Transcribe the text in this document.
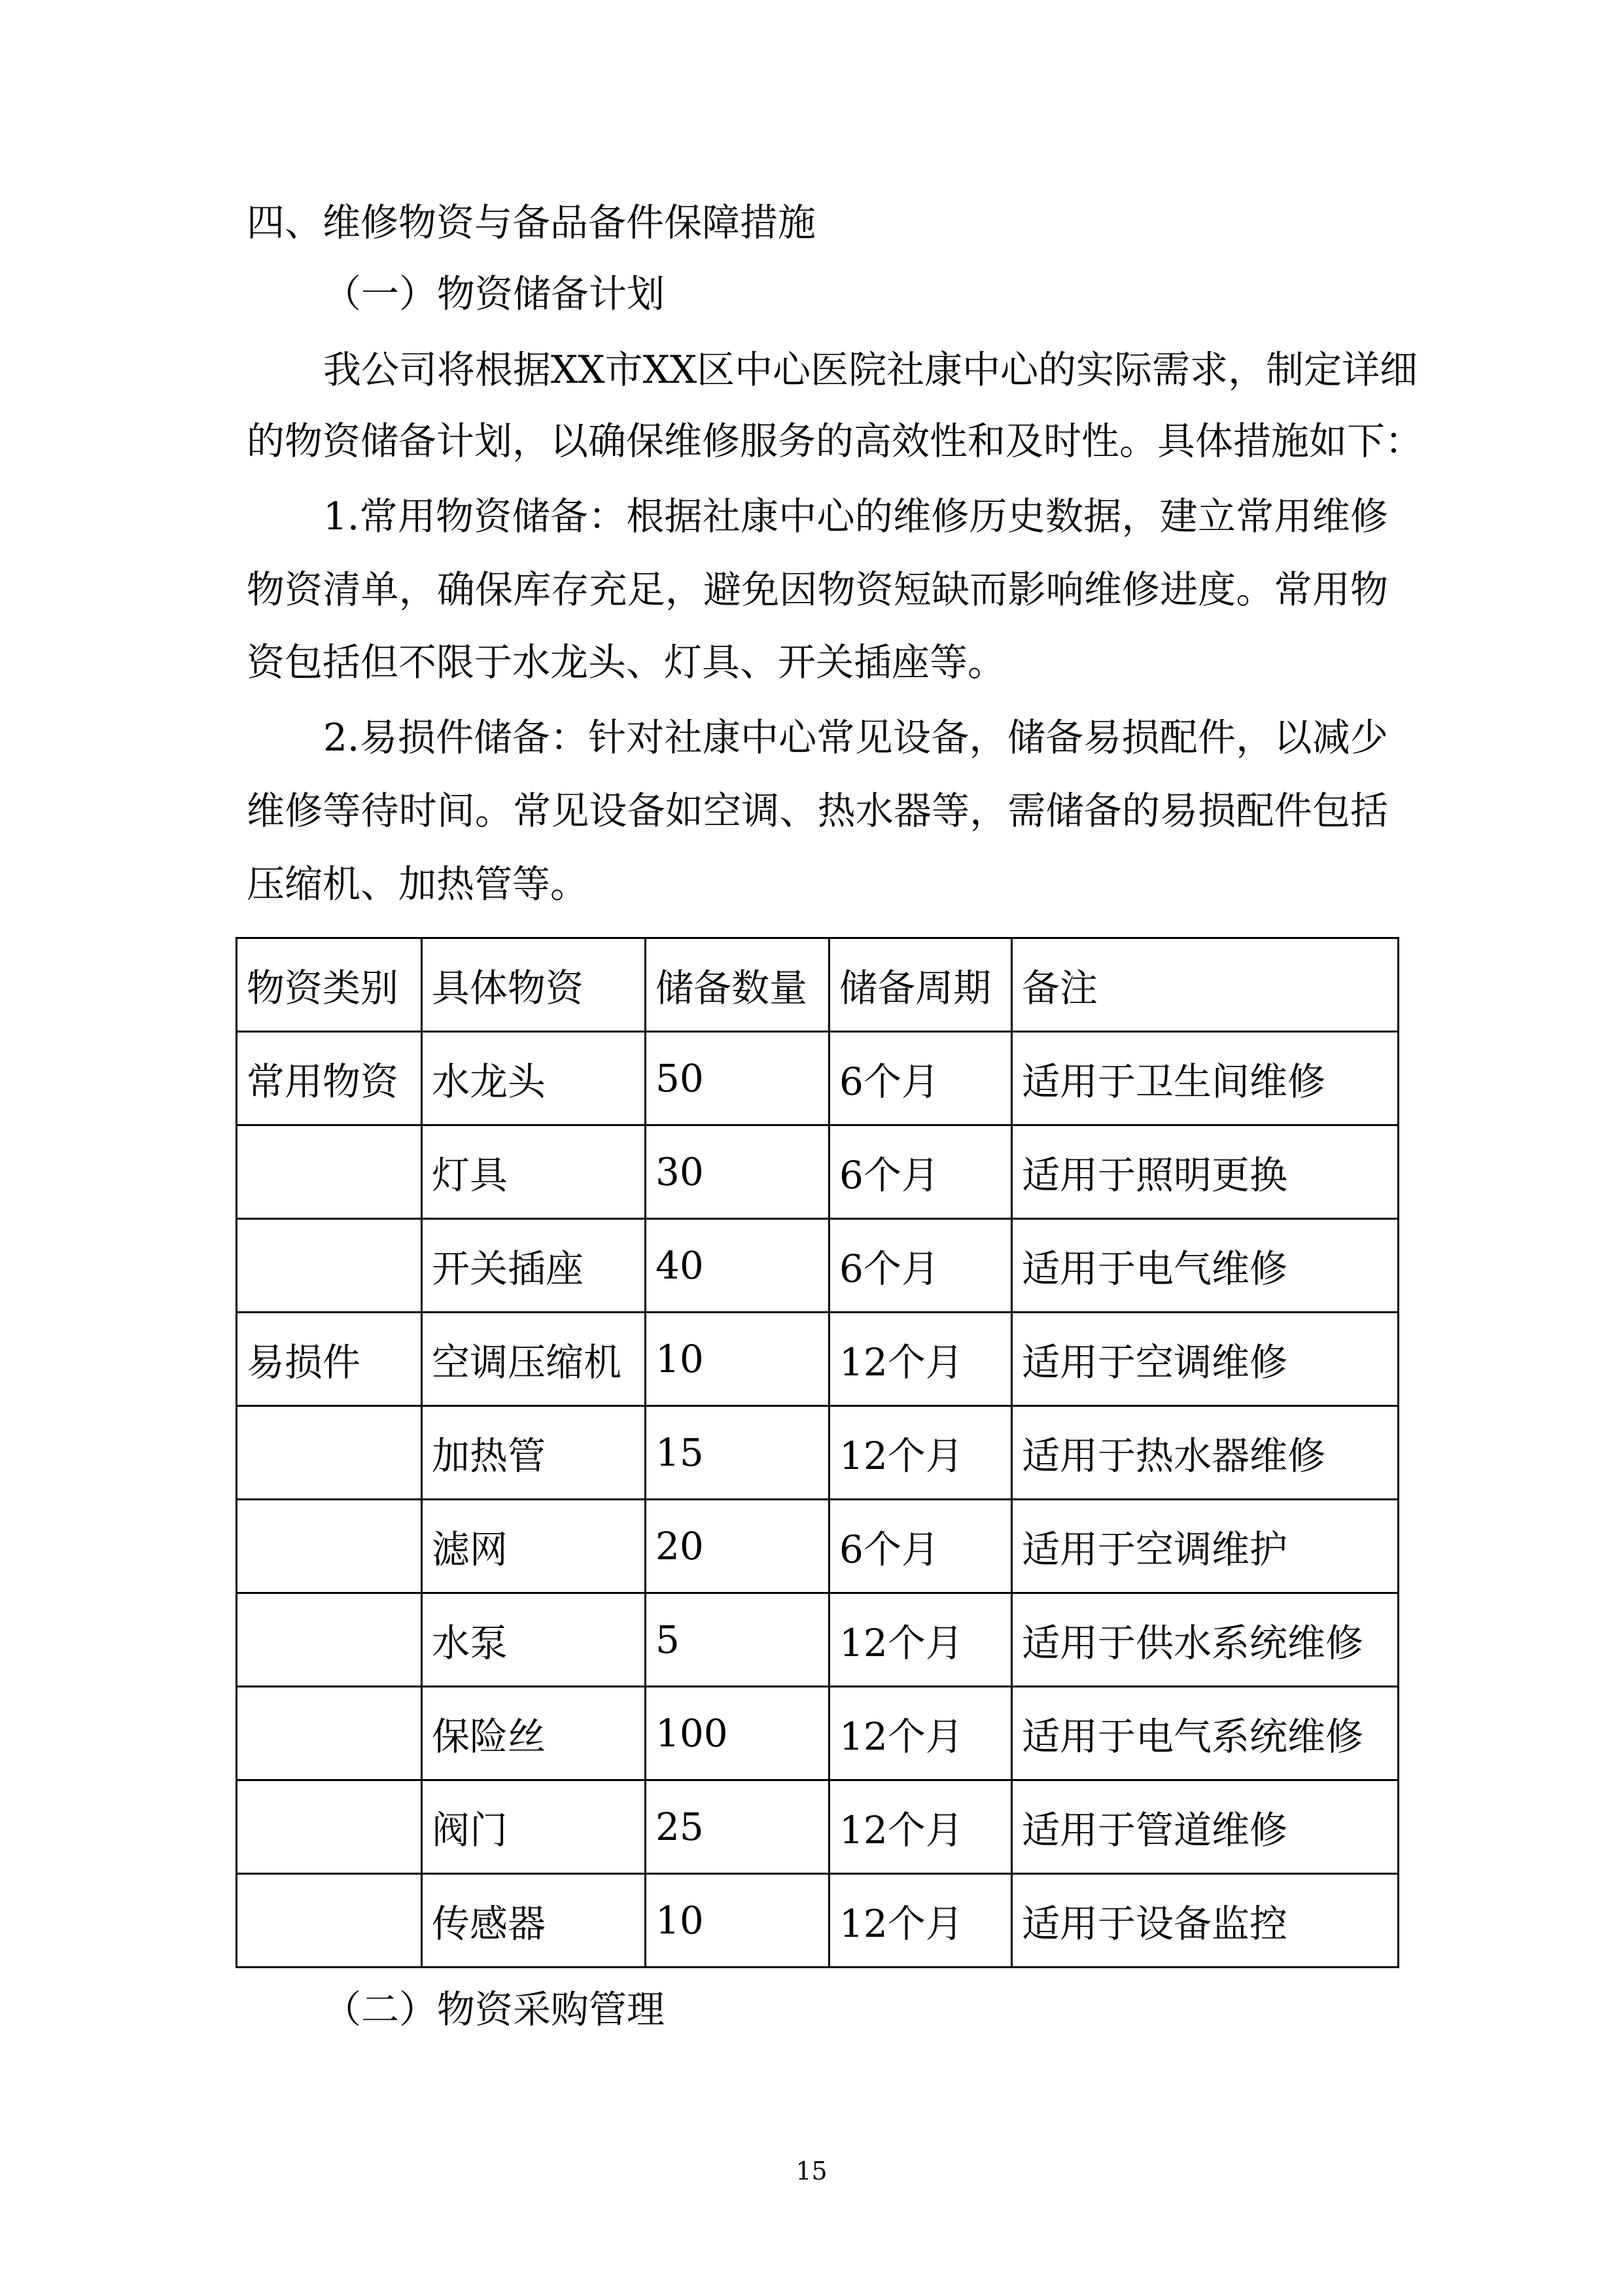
四、维修物资与备品备件保障措施
（一）物资储备计划
我公司将根据XX市XX区中心医院社康中心的实际需求，制定详细
的物资储备计划，以确保维修服务的高效性和及时性。具体措施如下：
1.常用物资储备：根据社康中心的维修历史数据，建立常用维修
物资清单，确保库存充足，避免因物资短缺而影响维修进度。常用物
资包括但不限于水龙头、灯具、开关插座等。
2.易损件储备：针对社康中心常见设备，储备易损配件，以减少
维修等待时间。常见设备如空调、热水器等，需储备的易损配件包括
压缩机、加热管等。
物资类别	具体物资	储备数量	储备周期	备注
常用物资	水龙头	50	6个月	适用于卫生间维修
	灯具	30	6个月	适用于照明更换
	开关插座	40	6个月	适用于电气维修
易损件	空调压缩机	10	12个月	适用于空调维修
	加热管	15	12个月	适用于热水器维修
	滤网	20	6个月	适用于空调维护
	水泵	5	12个月	适用于供水系统维修
	保险丝	100	12个月	适用于电气系统维修
	阀门	25	12个月	适用于管道维修
	传感器	10	12个月	适用于设备监控
（二）物资采购管理
15
